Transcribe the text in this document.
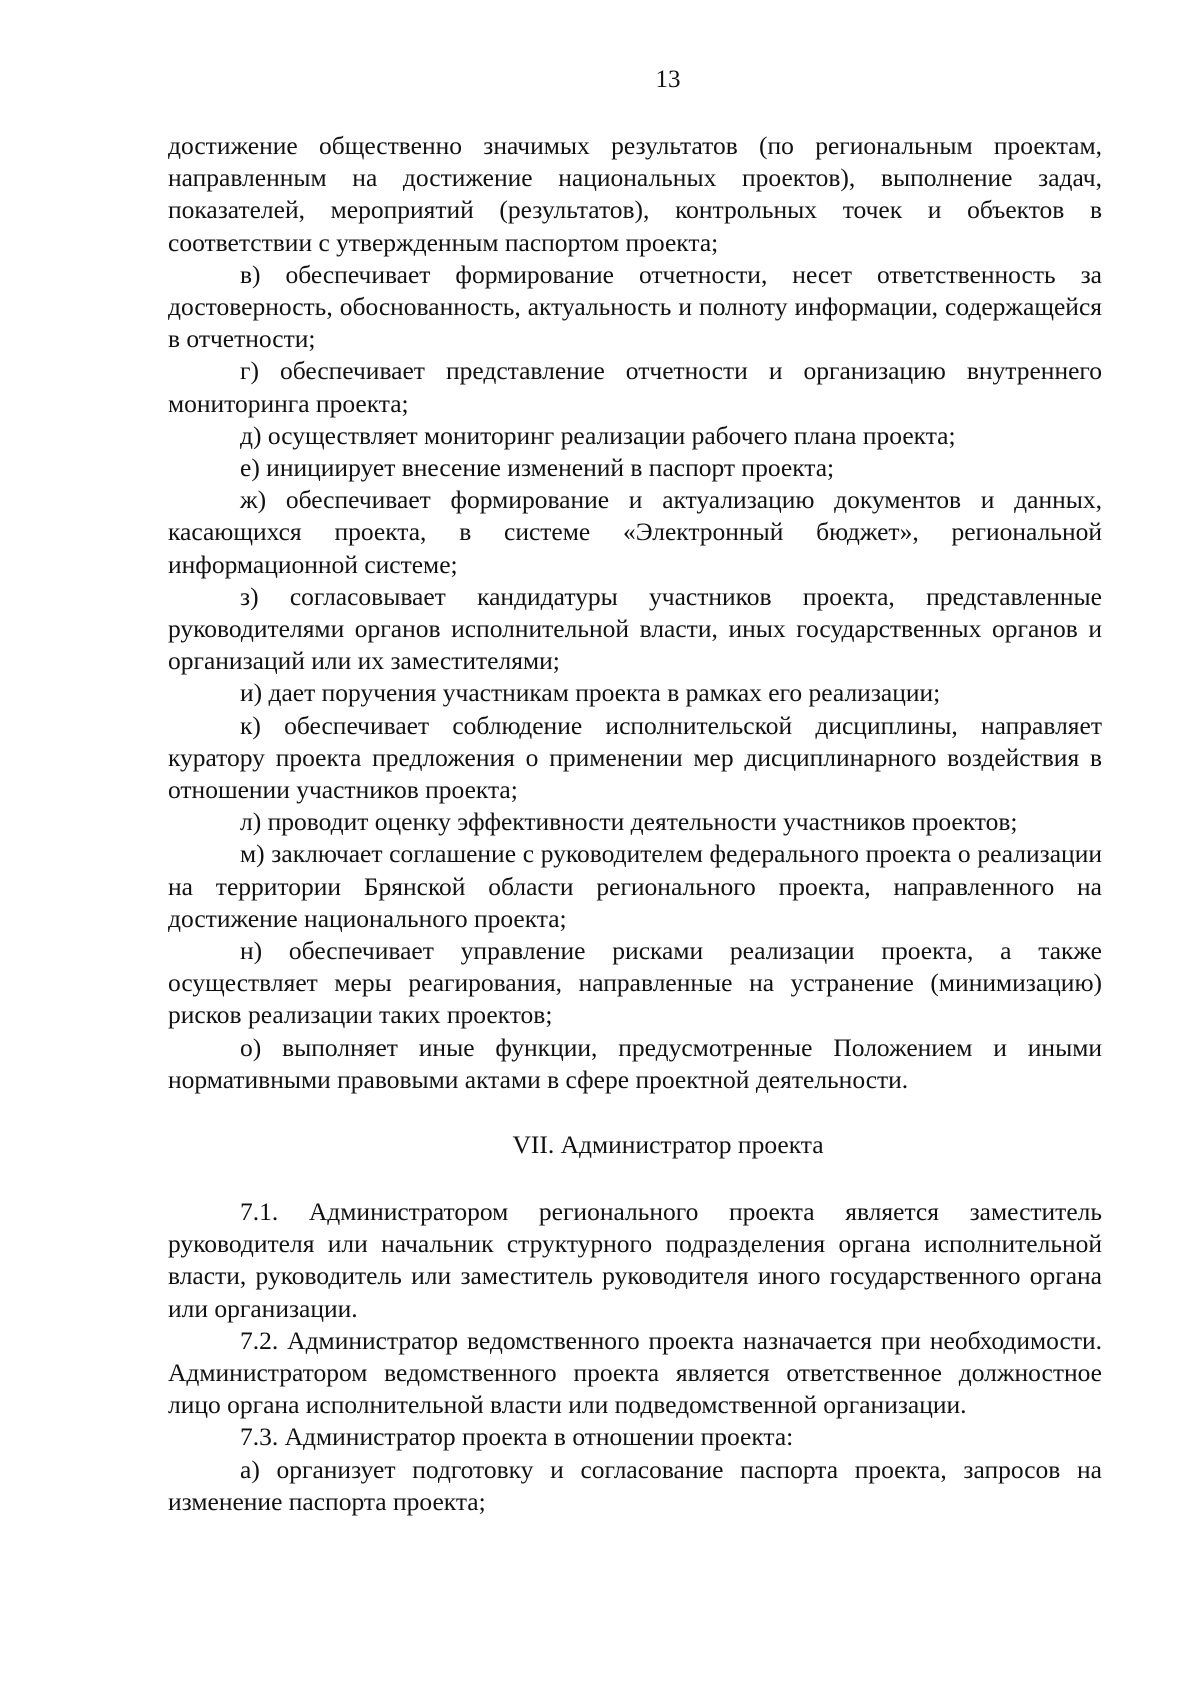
13

достижение общественно значимых результатов (по региональным проектам, направленным на достижение национальных проектов), выполнение задач, показателей, мероприятий (результатов), контрольных точек и объектов в соответствии с утвержденным паспортом проекта;

в) обеспечивает формирование отчетности, несет ответственность за достоверность, обоснованность, актуальность и полноту информации, содержащейся в отчетности;

г) обеспечивает представление отчетности и организацию внутреннего мониторинга проекта;

д) осуществляет мониторинг реализации рабочего плана проекта;

е) инициирует внесение изменений в паспорт проекта;

ж) обеспечивает формирование и актуализацию документов и данных, касающихся проекта, в системе «Электронный бюджет», региональной информационной системе;

з) согласовывает кандидатуры участников проекта, представленные руководителями органов исполнительной власти, иных государственных органов и организаций или их заместителями;

и) дает поручения участникам проекта в рамках его реализации;

к) обеспечивает соблюдение исполнительской дисциплины, направляет куратору проекта предложения о применении мер дисциплинарного воздействия в отношении участников проекта;

л) проводит оценку эффективности деятельности участников проектов;

м) заключает соглашение с руководителем федерального проекта о реализации на территории Брянской области регионального проекта, направленного на достижение национального проекта;

н) обеспечивает управление рисками реализации проекта, а также осуществляет меры реагирования, направленные на устранение (минимизацию) рисков реализации таких проектов;

о) выполняет иные функции, предусмотренные Положением и иными нормативными правовыми актами в сфере проектной деятельности.

VII. Администратор проекта

7.1. Администратором регионального проекта является заместитель руководителя или начальник структурного подразделения органа исполнительной власти, руководитель или заместитель руководителя иного государственного органа или организации.

7.2. Администратор ведомственного проекта назначается при необходимости. Администратором ведомственного проекта является ответственное должностное лицо органа исполнительной власти или подведомственной организации.

7.3. Администратор проекта в отношении проекта:

а) организует подготовку и согласование паспорта проекта, запросов на изменение паспорта проекта;
